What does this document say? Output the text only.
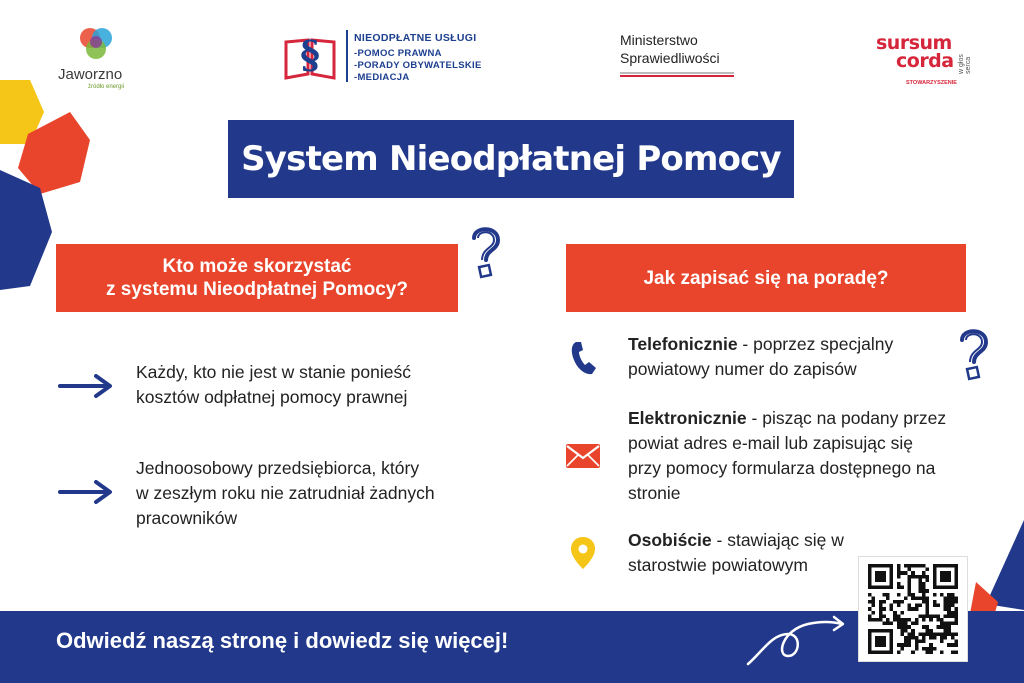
Jaworzno
źródło energii
§	NIEODPŁATNE USŁUGI
-POMOC PRAWNA
-PORADY OBYWATELSKIE
-MEDIACJA
Ministerstwo
Sprawiedliwości
sursum
corda w głos serca
STOWARZYSZENIE
System Nieodpłatnej Pomocy
Kto może skorzystać
z systemu Nieodpłatnej Pomocy?
Każdy, kto nie jest w stanie ponieść kosztów odpłatnej pomocy prawnej
Jednoosobowy przedsiębiorca, który w zeszłym roku nie zatrudniał żadnych pracowników
Jak zapisać się na poradę?
Telefonicznie - poprzez specjalny powiatowy numer do zapisów
Elektronicznie - pisząc na podany przez powiat adres e-mail lub zapisując się przy pomocy formularza dostępnego na stronie
Osobiście - stawiając się w starostwie powiatowym
Odwiedź naszą stronę i dowiedz się więcej!
